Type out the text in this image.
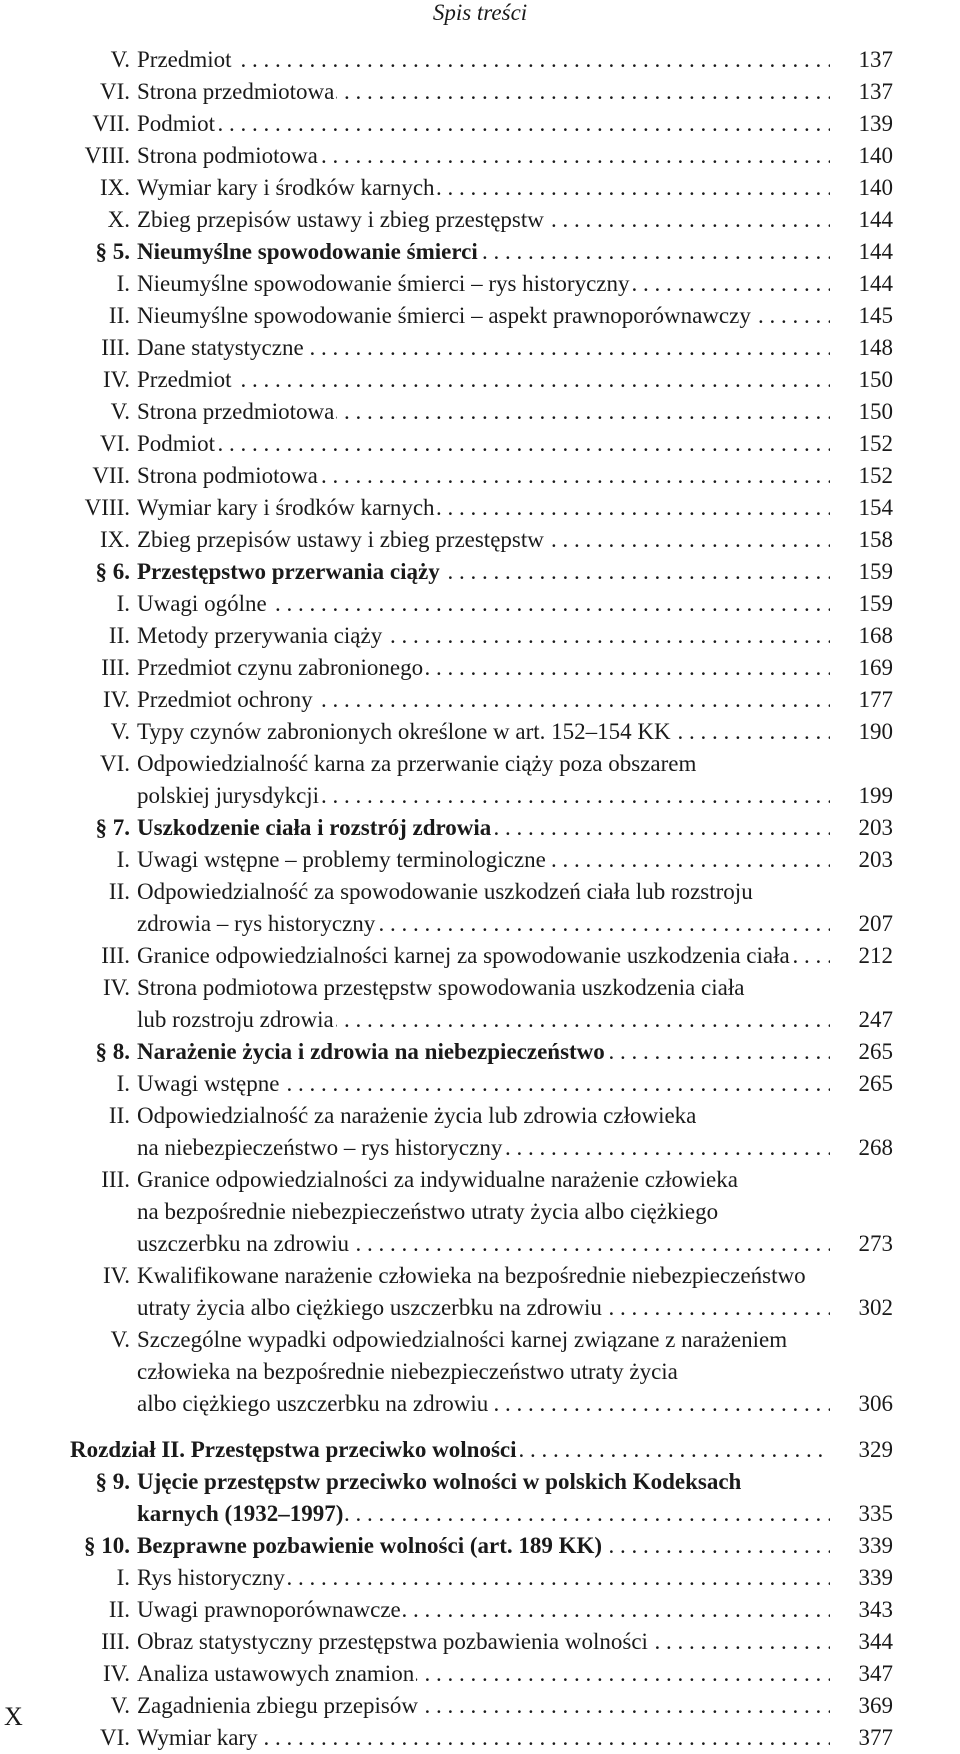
Spis treści
V. Przedmiot . . .	137
VI. Strona przedmiotowa . . .	137
VII. Podmiot . . .	139
VIII. Strona podmiotowa . . .	140
IX. Wymiar kary i środków karnych . . .	140
X. Zbieg przepisów ustawy i zbieg przestępstw . . .	144
§ 5. Nieumyślne spowodowanie śmierci . . .	144
I. Nieumyślne spowodowanie śmierci – rys historyczny . . .	144
II. Nieumyślne spowodowanie śmierci – aspekt prawnoporównawczy . . .	145
III. Dane statystyczne . . .	148
IV. Przedmiot . . .	150
V. Strona przedmiotowa . . .	150
VI. Podmiot . . .	152
VII. Strona podmiotowa . . .	152
VIII. Wymiar kary i środków karnych . . .	154
IX. Zbieg przepisów ustawy i zbieg przestępstw . . .	158
§ 6. Przestępstwo przerwania ciąży . . .	159
I. Uwagi ogólne . . .	159
II. Metody przerywania ciąży . . .	168
III. Przedmiot czynu zabronionego . . .	169
IV. Przedmiot ochrony . . .	177
V. Typy czynów zabronionych określone w art. 152–154 KK . . .	190
VI. Odpowiedzialność karna za przerwanie ciąży poza obszarem
polskiej jurysdykcji . . .	199
§ 7. Uszkodzenie ciała i rozstrój zdrowia . . .	203
I. Uwagi wstępne – problemy terminologiczne . . .	203
II. Odpowiedzialność za spowodowanie uszkodzeń ciała lub rozstroju
zdrowia – rys historyczny . . .	207
III. Granice odpowiedzialności karnej za spowodowanie uszkodzenia ciała . . .	212
IV. Strona podmiotowa przestępstw spowodowania uszkodzenia ciała
lub rozstroju zdrowia . . .	247
§ 8. Narażenie życia i zdrowia na niebezpieczeństwo . . .	265
I. Uwagi wstępne . . .	265
II. Odpowiedzialność za narażenie życia lub zdrowia człowieka
na niebezpieczeństwo – rys historyczny . . .	268
III. Granice odpowiedzialności za indywidualne narażenie człowieka
na bezpośrednie niebezpieczeństwo utraty życia albo ciężkiego
uszczerbku na zdrowiu . . .	273
IV. Kwalifikowane narażenie człowieka na bezpośrednie niebezpieczeństwo
utraty życia albo ciężkiego uszczerbku na zdrowiu . . .	302
V. Szczególne wypadki odpowiedzialności karnej związane z narażeniem
człowieka na bezpośrednie niebezpieczeństwo utraty życia
albo ciężkiego uszczerbku na zdrowiu . . .	306
Rozdział II. Przestępstwa przeciwko wolności . . .	329
§ 9. Ujęcie przestępstw przeciwko wolności w polskich Kodeksach
karnych (1932–1997) . . .	335
§ 10. Bezprawne pozbawienie wolności (art. 189 KK) . . .	339
I. Rys historyczny . . .	339
II. Uwagi prawnoporównawcze . . .	343
III. Obraz statystyczny przestępstwa pozbawienia wolności . . .	344
IV. Analiza ustawowych znamion . . .	347
V. Zagadnienia zbiegu przepisów . . .	369
VI. Wymiar kary . . .	377
X
